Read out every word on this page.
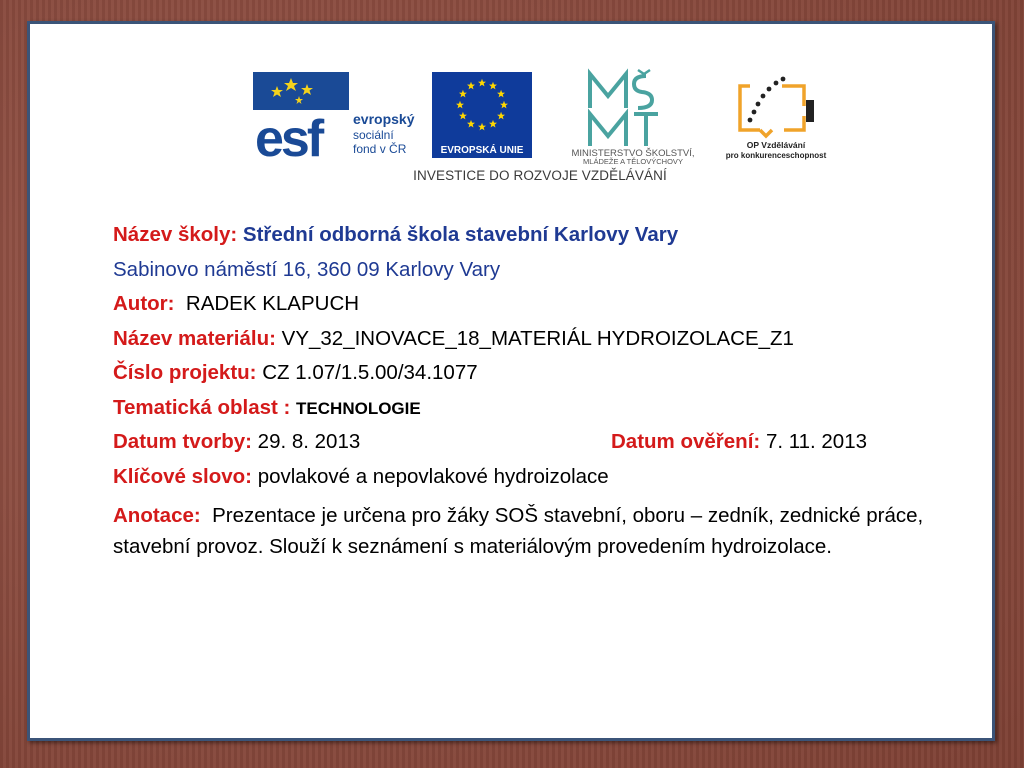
esf evropský
sociální
fond v ČR	EVROPSKÁ UNIE	MINISTERSTVO ŠKOLSTVÍ,
MLÁDEŽE A TĚLOVÝCHOVY
OP Vzdělávání
pro konkurenceschopnost
INVESTICE DO ROZVOJE VZDĚLÁVÁNÍ
Název školy: Střední odborná škola stavební Karlovy Vary
Sabinovo náměstí 16, 360 09 Karlovy Vary
Autor: RADEK KLAPUCH
Název materiálu: VY_32_INOVACE_18_MATERIÁL HYDROIZOLACE_Z1
Číslo projektu: CZ 1.07/1.5.00/34.1077
Tematická oblast : TECHNOLOGIE
Datum tvorby: 29. 8. 2013	Datum ověření: 7. 11. 2013
Klíčové slovo: povlakové a nepovlakové hydroizolace
Anotace: Prezentace je určena pro žáky SOŠ stavební, oboru – zedník, zednické práce, stavební provoz. Slouží k seznámení s materiálovým provedením hydroizolace.
